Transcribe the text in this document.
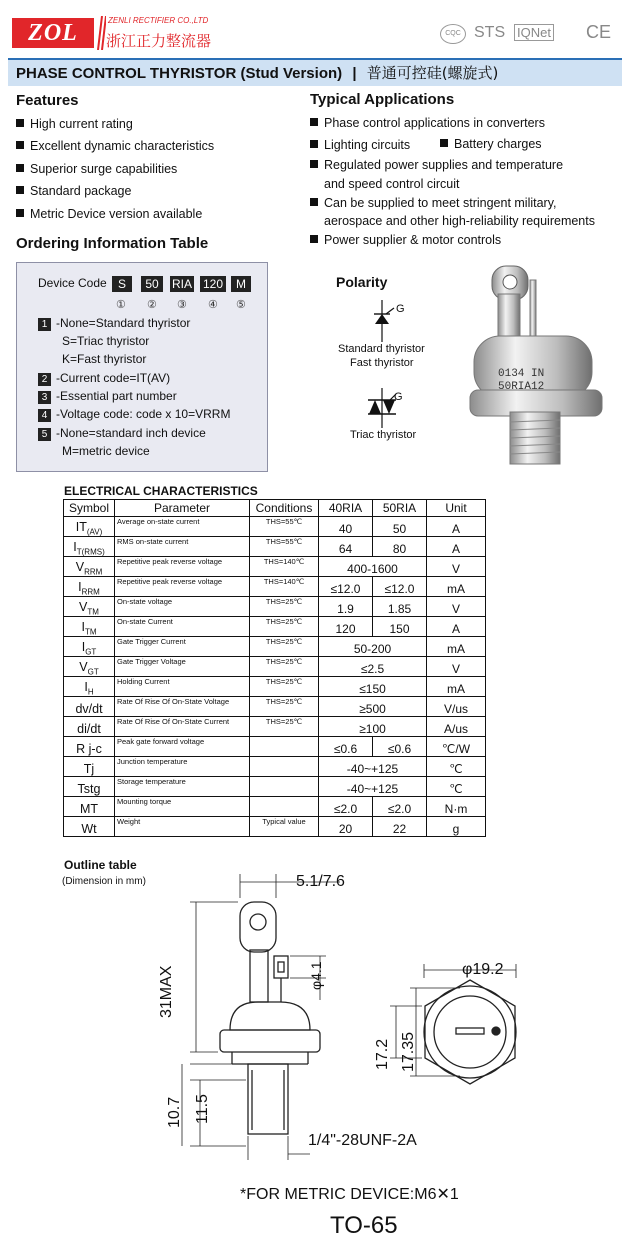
ZOL	ZENLI RECTIFIER CO.,LTD
浙江正力整流器	CQC STS IQNet CE
PHASE CONTROL THYRISTOR (Stud Version) | 普通可控硅(螺旋式)
Features
High current rating
Excellent dynamic characteristics
Superior surge capabilities
Standard package
Metric Device version available
Typical Applications
Phase control applications in converters
Lighting circuits	Battery charges
Regulated power supplies and temperature
and speed control circuit
Can be supplied to meet stringent military,
aerospace and other high-reliability requirements
Power supplier & motor controls
Ordering Information Table
Device Code S	50	RIA 120	M
① ② ③ ④ ⑤
1 -None=Standard thyristor
S=Triac thyristor
K=Fast thyristor
2 -Current code=IT(AV)
3 -Essential part number
4 -Voltage code: code x 10=VRRM
5 -None=standard inch device
M=metric device
Polarity
G
Standard thyristor
Fast thyristor
G
Triac thyristor
0134 IN
50RIA12
ELECTRICAL CHARACTERISTICS
Symbol	Parameter	Conditions	40RIA	50RIA	Unit
$IT_{(AV)}$	Average on-state current	THS=55℃	40	50	A
$I_{T(RMS)}$	RMS on-state current	THS=55℃	64	80	A
$V_{RRM}$	Repetitive peak reverse voltage	THS=140℃	400-1600		V
$I_{RRM}$	Repetitive peak reverse voltage	THS=140℃	≤12.0	≤12.0	mA
$V_{TM}$	On-state voltage	THS=25℃	1.9	1.85	V
$I_{TM}$	On-state Current	THS=25℃	120	150	A
$I_{GT}$	Gate Trigger Current	THS=25℃	50-200		mA
$V_{GT}$	Gate Trigger Voltage	THS=25℃	≤2.5		V
$I_H$	Holding Current	THS=25℃	≤150		mA
dv/dt	Rate Of Rise Of On-State Voltage	THS=25℃	≥500		V/us
di/dt	Rate Of Rise Of On-State Current	THS=25℃	≥100		A/us
R j-c	Peak gate forward voltage		≤0.6	≤0.6	℃/W
Tj	Junction temperature		-40~+125		℃
Tstg	Storage temperature		-40~+125		℃
MT	Mounting torque		≤2.0	≤2.0	N·m
Wt	Weight	Typical value	20	22	g
Outline table
(Dimension in mm)	5.1/7.6
31MAX	φ4.1	φ19.2
17.2 17.35
10.7 11.5
1/4"-28UNF-2A
*FOR METRIC DEVICE:M6✕1
TO-65
